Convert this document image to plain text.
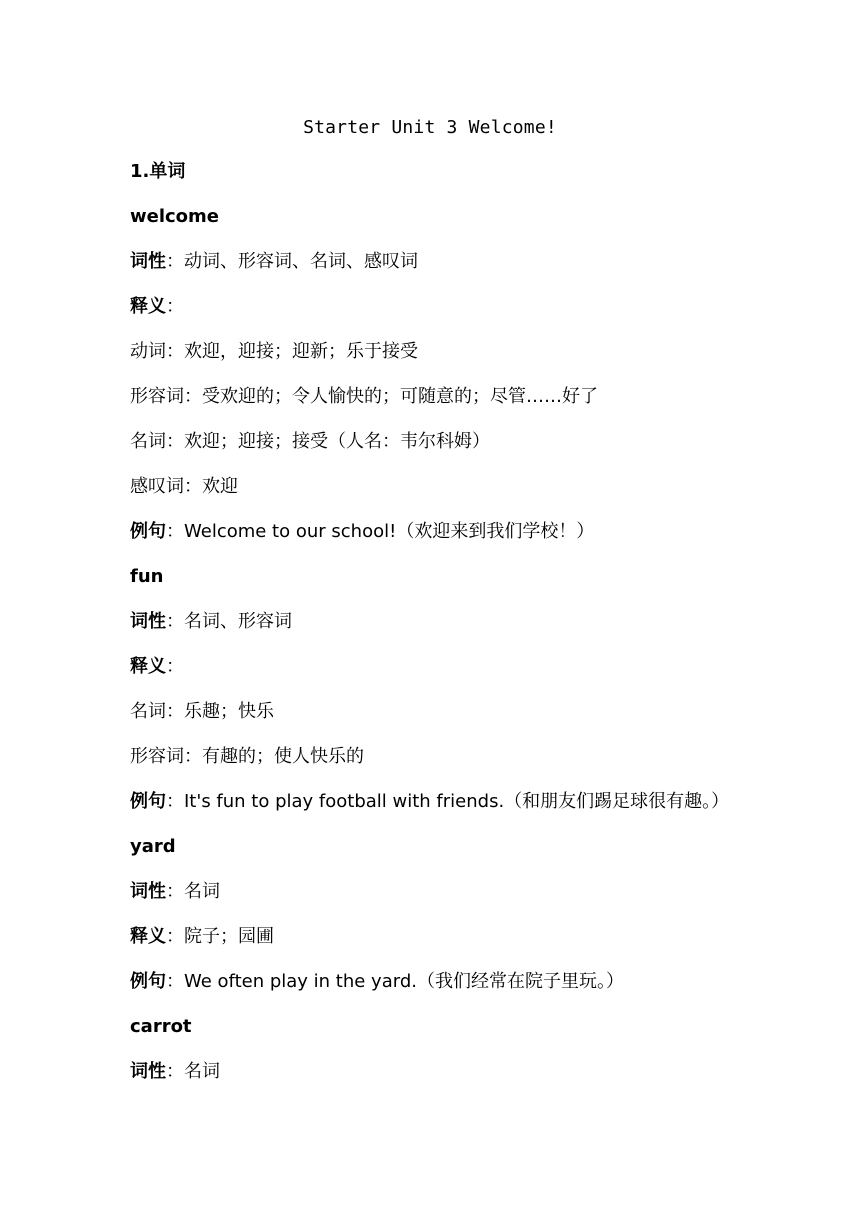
Starter Unit 3 Welcome!
1.单词
welcome
词性：动词、形容词、名词、感叹词
释义：
动词：欢迎，迎接；迎新；乐于接受
形容词：受欢迎的；令人愉快的；可随意的；尽管……好了
名词：欢迎；迎接；接受（人名：韦尔科姆）
感叹词：欢迎
例句：Welcome to our school!（欢迎来到我们学校！）
fun
词性：名词、形容词
释义：
名词：乐趣；快乐
形容词：有趣的；使人快乐的
例句：It's fun to play football with friends.（和朋友们踢足球很有趣。）
yard
词性：名词
释义：院子；园圃
例句：We often play in the yard.（我们经常在院子里玩。）
carrot
词性：名词
